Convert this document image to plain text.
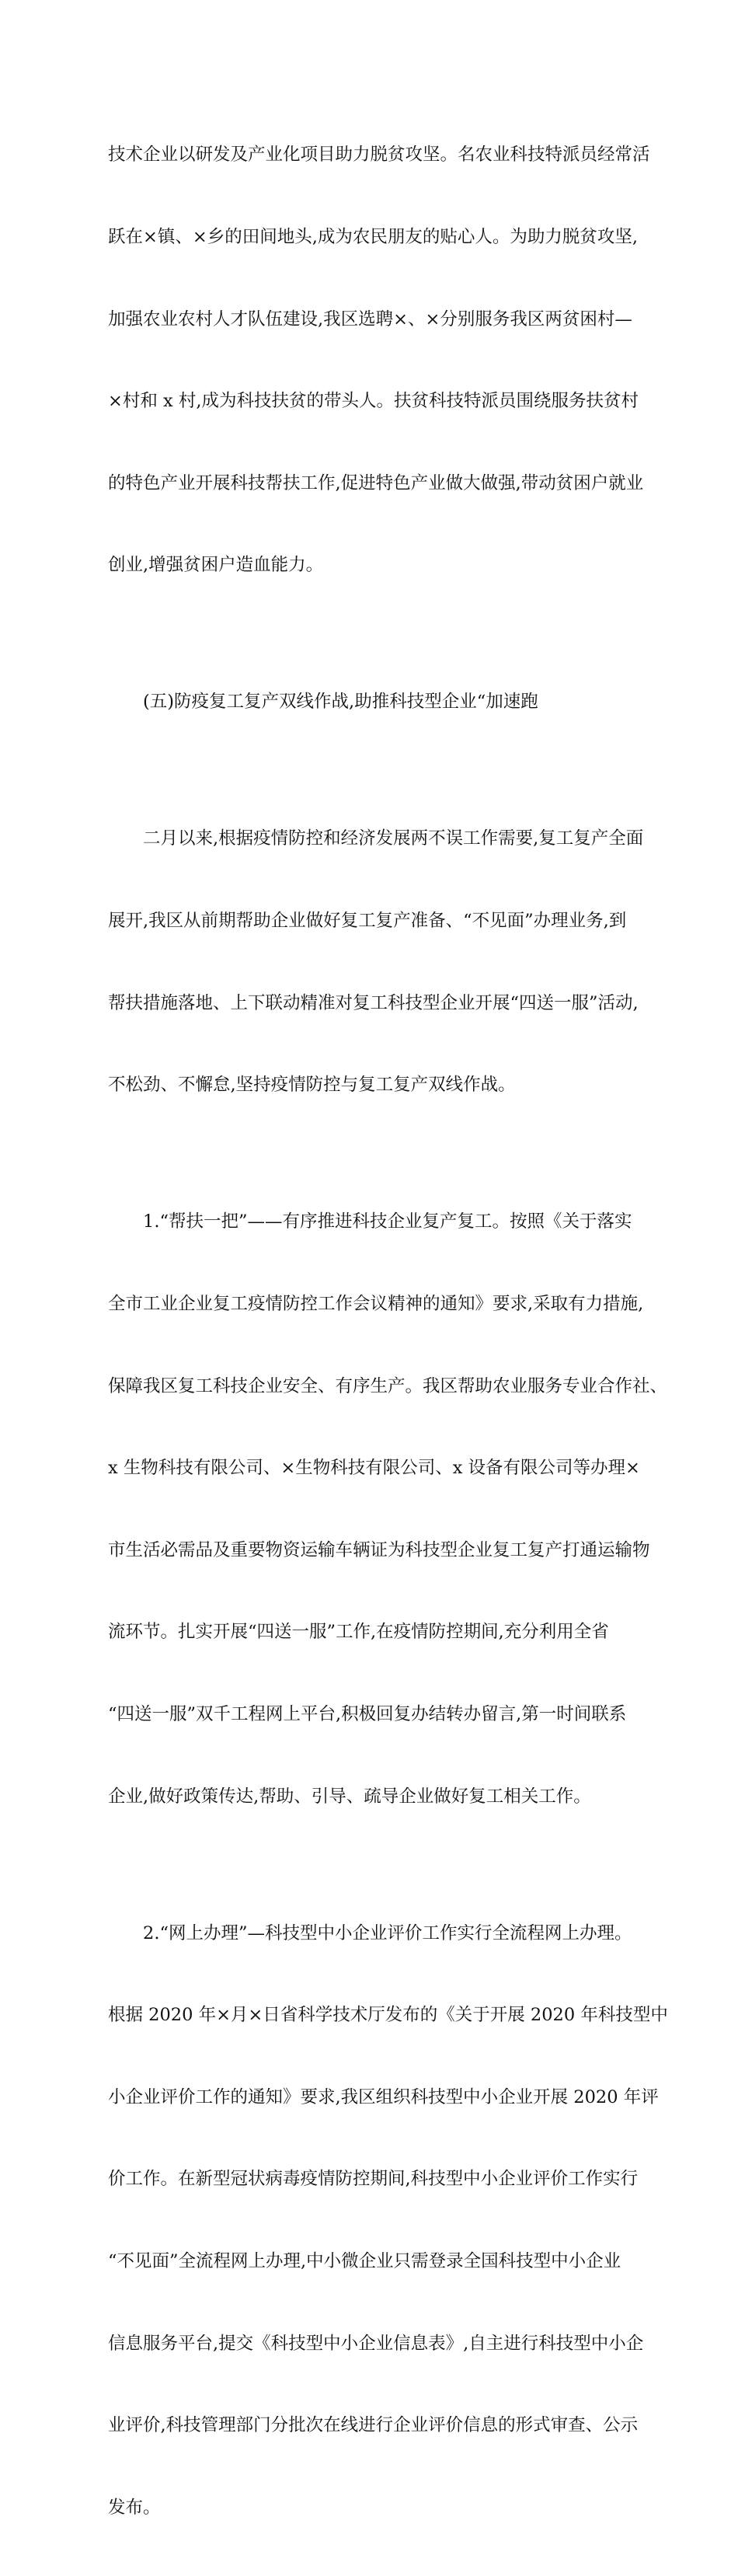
技术企业以研发及产业化项目助力脱贫攻坚。名农业科技特派员经常活

跃在×镇、×乡的田间地头,成为农民朋友的贴心人。为助力脱贫攻坚,

加强农业农村人才队伍建设,我区选聘×、×分别服务我区两贫困村—

×村和 x 村,成为科技扶贫的带头人。扶贫科技特派员围绕服务扶贫村

的特色产业开展科技帮扶工作,促进特色产业做大做强,带动贫困户就业

创业,增强贫困户造血能力。

(五)防疫复工复产双线作战,助推科技型企业“加速跑

二月以来,根据疫情防控和经济发展两不误工作需要,复工复产全面

展开,我区从前期帮助企业做好复工复产准备、“不见面”办理业务,到

帮扶措施落地、上下联动精准对复工科技型企业开展“四送一服”活动,

不松劲、不懈怠,坚持疫情防控与复工复产双线作战。

1.“帮扶一把”——有序推进科技企业复产复工。按照《关于落实

全市工业企业复工疫情防控工作会议精神的通知》要求,采取有力措施,

保障我区复工科技企业安全、有序生产。我区帮助农业服务专业合作社、

x 生物科技有限公司、×生物科技有限公司、x 设备有限公司等办理×

市生活必需品及重要物资运输车辆证为科技型企业复工复产打通运输物

流环节。扎实开展“四送一服”工作,在疫情防控期间,充分利用全省

“四送一服”双千工程网上平台,积极回复办结转办留言,第一时间联系

企业,做好政策传达,帮助、引导、疏导企业做好复工相关工作。

2.“网上办理”—科技型中小企业评价工作实行全流程网上办理。

根据 2020 年×月×日省科学技术厅发布的《关于开展 2020 年科技型中

小企业评价工作的通知》要求,我区组织科技型中小企业开展 2020 年评

价工作。在新型冠状病毒疫情防控期间,科技型中小企业评价工作实行

“不见面”全流程网上办理,中小微企业只需登录全国科技型中小企业

信息服务平台,提交《科技型中小企业信息表》,自主进行科技型中小企

业评价,科技管理部门分批次在线进行企业评价信息的形式审查、公示

发布。
